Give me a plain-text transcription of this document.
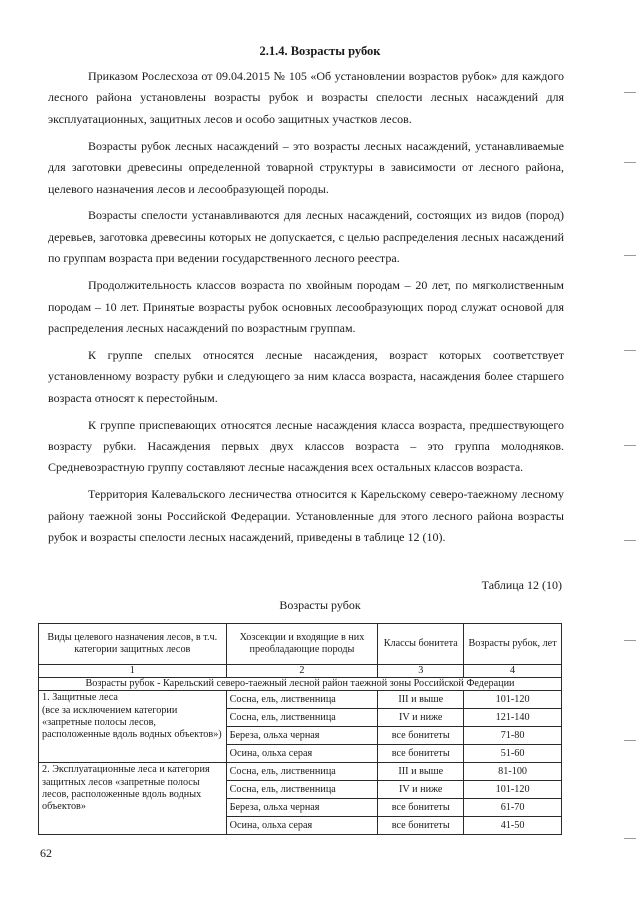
2.1.4. Возрасты рубок

Приказом Рослесхоза от 09.04.2015 № 105 «Об установлении возрастов рубок» для каждого лесного района установлены возрасты рубок и возрасты спелости лесных насаждений для эксплуатационных, защитных лесов и особо защитных участков лесов.

Возрасты рубок лесных насаждений – это возрасты лесных насаждений, устанавливаемые для заготовки древесины определенной товарной структуры в зависимости от лесного района, целевого назначения лесов и лесообразующей породы.

Возрасты спелости устанавливаются для лесных насаждений, состоящих из видов (пород) деревьев, заготовка древесины которых не допускается, с целью распределения лесных насаждений по группам возраста при ведении государственного лесного реестра.

Продолжительность классов возраста по хвойным породам – 20 лет, по мягколиственным породам – 10 лет. Принятые возрасты рубок основных лесообразующих пород служат основой для распределения лесных насаждений по возрастным группам.

К группе спелых относятся лесные насаждения, возраст которых соответствует установленному возрасту рубки и следующего за ним класса возраста, насаждения более старшего возраста относят к перестойным.

К группе приспевающих относятся лесные насаждения класса возраста, предшествующего возрасту рубки. Насаждения первых двух классов возраста – это группа молодняков. Средневозрастную группу составляют лесные насаждения всех остальных классов возраста.

Территория Калевальского лесничества относится к Карельскому северо-таежному лесному району таежной зоны Российской Федерации. Установленные для этого лесного района возрасты рубок и возрасты спелости лесных насаждений, приведены в таблице 12 (10).

Таблица 12 (10)
Возрасты рубок
Виды целевого назначения лесов, в т.ч. категории защитных лесов	Хозсекции и входящие в них преобладающие породы	Классы бонитета	Возрасты рубок, лет
1	2	3	4
Возрасты рубок - Карельский северо-таежный лесной район таежной зоны Российской Федерации			
1. Защитные леса
(все за исключением категории «запретные полосы лесов, расположенные вдоль водных объектов»)	Сосна, ель, лиственница	III и выше	101-120
	Сосна, ель, лиственница	IV и ниже	121-140
	Береза, ольха черная	все бонитеты	71-80
	Осина, ольха серая	все бонитеты	51-60
2. Эксплуатационные леса и категория защитных лесов «запретные полосы лесов, расположенные вдоль водных объектов»	Сосна, ель, лиственница	III и выше	81-100
	Сосна, ель, лиственница	IV и ниже	101-120
	Береза, ольха черная	все бонитеты	61-70
	Осина, ольха серая	все бонитеты	41-50
62
